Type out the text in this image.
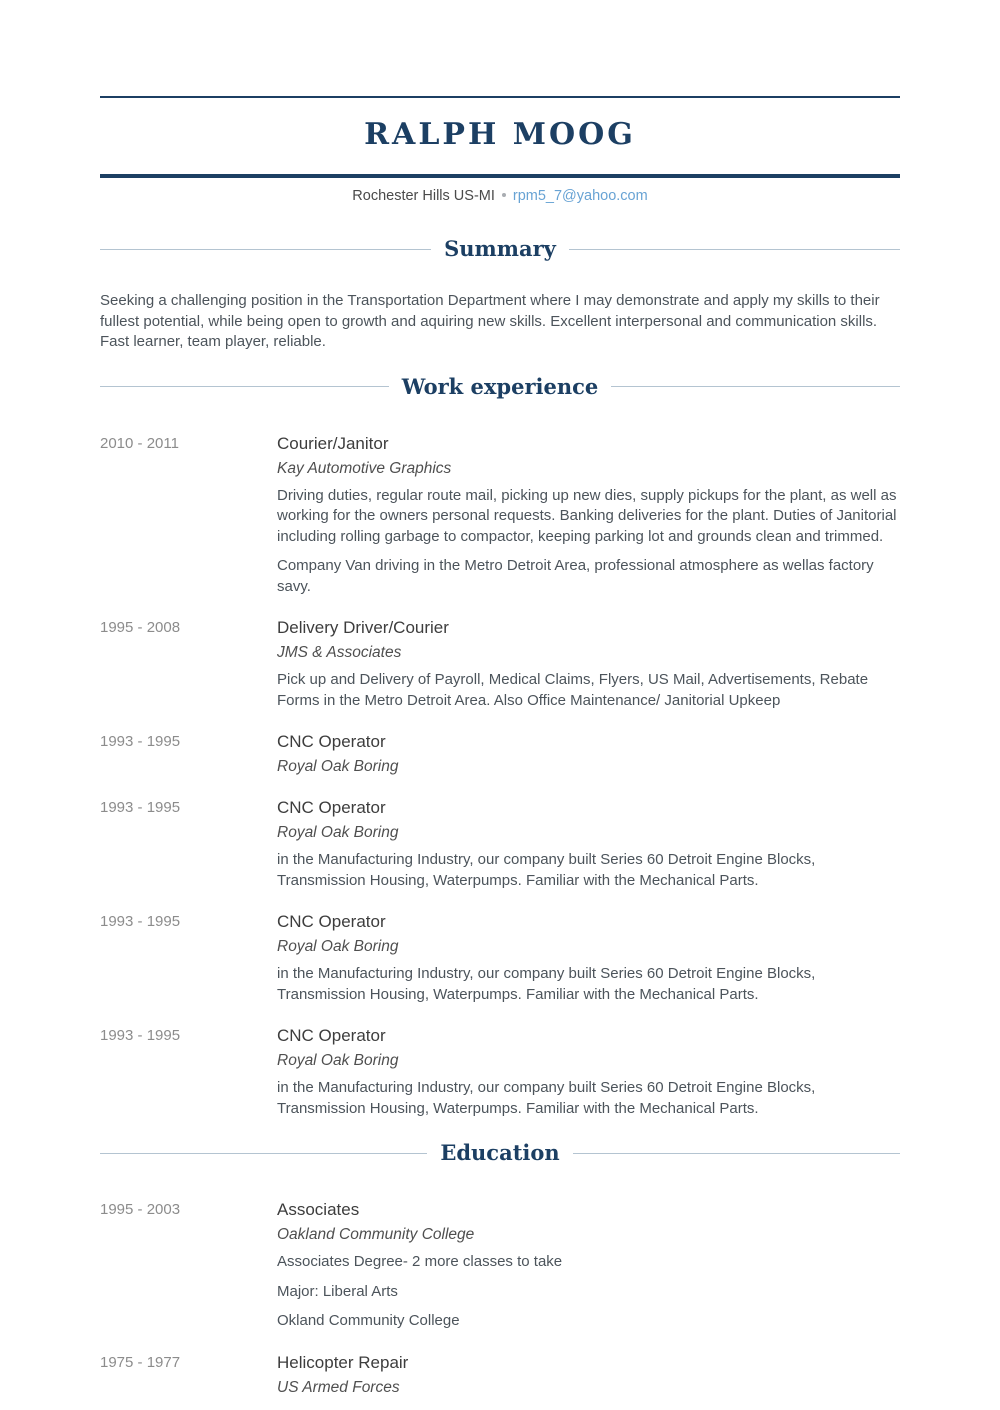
RALPH MOOG
Rochester Hills US-MI rpm5_7@yahoo.com
Summary

Seeking a challenging position in the Transportation Department where I may demonstrate and apply my skills to their fullest potential, while being open to growth and aquiring new skills. Excellent interpersonal and communication skills. Fast learner, team player, reliable.

Work experience
2010 - 2011	Courier/Janitor
Kay Automotive Graphics

Driving duties, regular route mail, picking up new dies, supply pickups for the plant, as well as working for the owners personal requests. Banking deliveries for the plant. Duties of Janitorial including rolling garbage to compactor, keeping parking lot and grounds clean and trimmed.

Company Van driving in the Metro Detroit Area, professional atmosphere as wellas factory savy.

1995 - 2008	Delivery Driver/Courier
JMS & Associates

Pick up and Delivery of Payroll, Medical Claims, Flyers, US Mail, Advertisements, Rebate Forms in the Metro Detroit Area. Also Office Maintenance/ Janitorial Upkeep

1993 - 1995	CNC Operator
Royal Oak Boring
1993 - 1995	CNC Operator
Royal Oak Boring

in the Manufacturing Industry, our company built Series 60 Detroit Engine Blocks, Transmission Housing, Waterpumps. Familiar with the Mechanical Parts.

1993 - 1995	CNC Operator
Royal Oak Boring

in the Manufacturing Industry, our company built Series 60 Detroit Engine Blocks, Transmission Housing, Waterpumps. Familiar with the Mechanical Parts.

1993 - 1995	CNC Operator
Royal Oak Boring

in the Manufacturing Industry, our company built Series 60 Detroit Engine Blocks, Transmission Housing, Waterpumps. Familiar with the Mechanical Parts.

Education
1995 - 2003	Associates
Oakland Community College

Associates Degree- 2 more classes to take

Major: Liberal Arts

Okland Community College

1975 - 1977	Helicopter Repair
US Armed Forces
